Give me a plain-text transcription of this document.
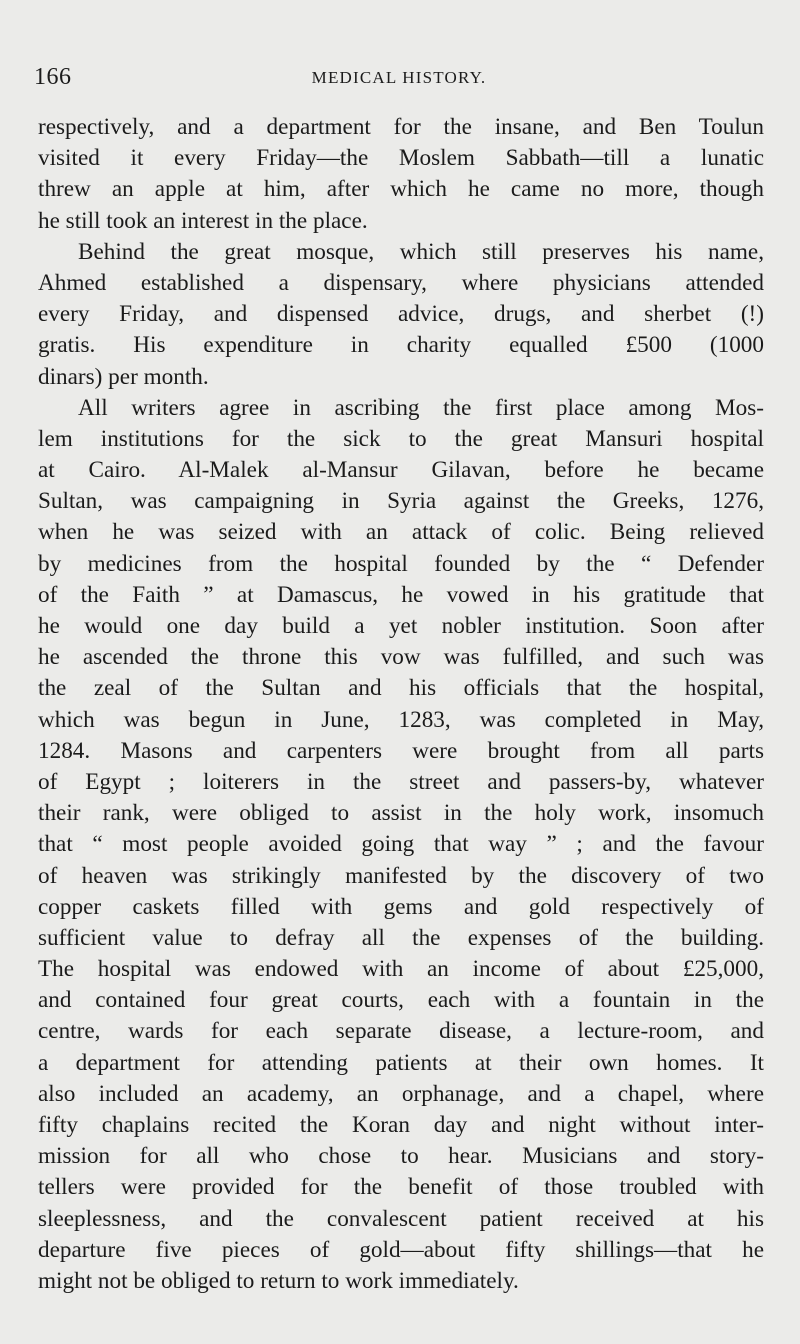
166	MEDICAL HISTORY.
respectively, and a department for the insane, and Ben Toulun
visited it every Friday—the Moslem Sabbath—till a lunatic
threw an apple at him, after which he came no more, though
he still took an interest in the place.
Behind the great mosque, which still preserves his name,
Ahmed established a dispensary, where physicians attended
every Friday, and dispensed advice, drugs, and sherbet (!)
gratis. His expenditure in charity equalled £500 (1000
dinars) per month.
All writers agree in ascribing the first place among Mos-
lem institutions for the sick to the great Mansuri hospital
at Cairo. Al-Malek al-Mansur Gilavan, before he became
Sultan, was campaigning in Syria against the Greeks, 1276,
when he was seized with an attack of colic. Being relieved
by medicines from the hospital founded by the “ Defender
of the Faith ” at Damascus, he vowed in his gratitude that
he would one day build a yet nobler institution. Soon after
he ascended the throne this vow was fulfilled, and such was
the zeal of the Sultan and his officials that the hospital,
which was begun in June, 1283, was completed in May,
1284. Masons and carpenters were brought from all parts
of Egypt ; loiterers in the street and passers-by, whatever
their rank, were obliged to assist in the holy work, insomuch
that “ most people avoided going that way ” ; and the favour
of heaven was strikingly manifested by the discovery of two
copper caskets filled with gems and gold respectively of
sufficient value to defray all the expenses of the building.
The hospital was endowed with an income of about £25,000,
and contained four great courts, each with a fountain in the
centre, wards for each separate disease, a lecture-room, and
a department for attending patients at their own homes. It
also included an academy, an orphanage, and a chapel, where
fifty chaplains recited the Koran day and night without inter-
mission for all who chose to hear. Musicians and story-
tellers were provided for the benefit of those troubled with
sleeplessness, and the convalescent patient received at his
departure five pieces of gold—about fifty shillings—that he
might not be obliged to return to work immediately.
